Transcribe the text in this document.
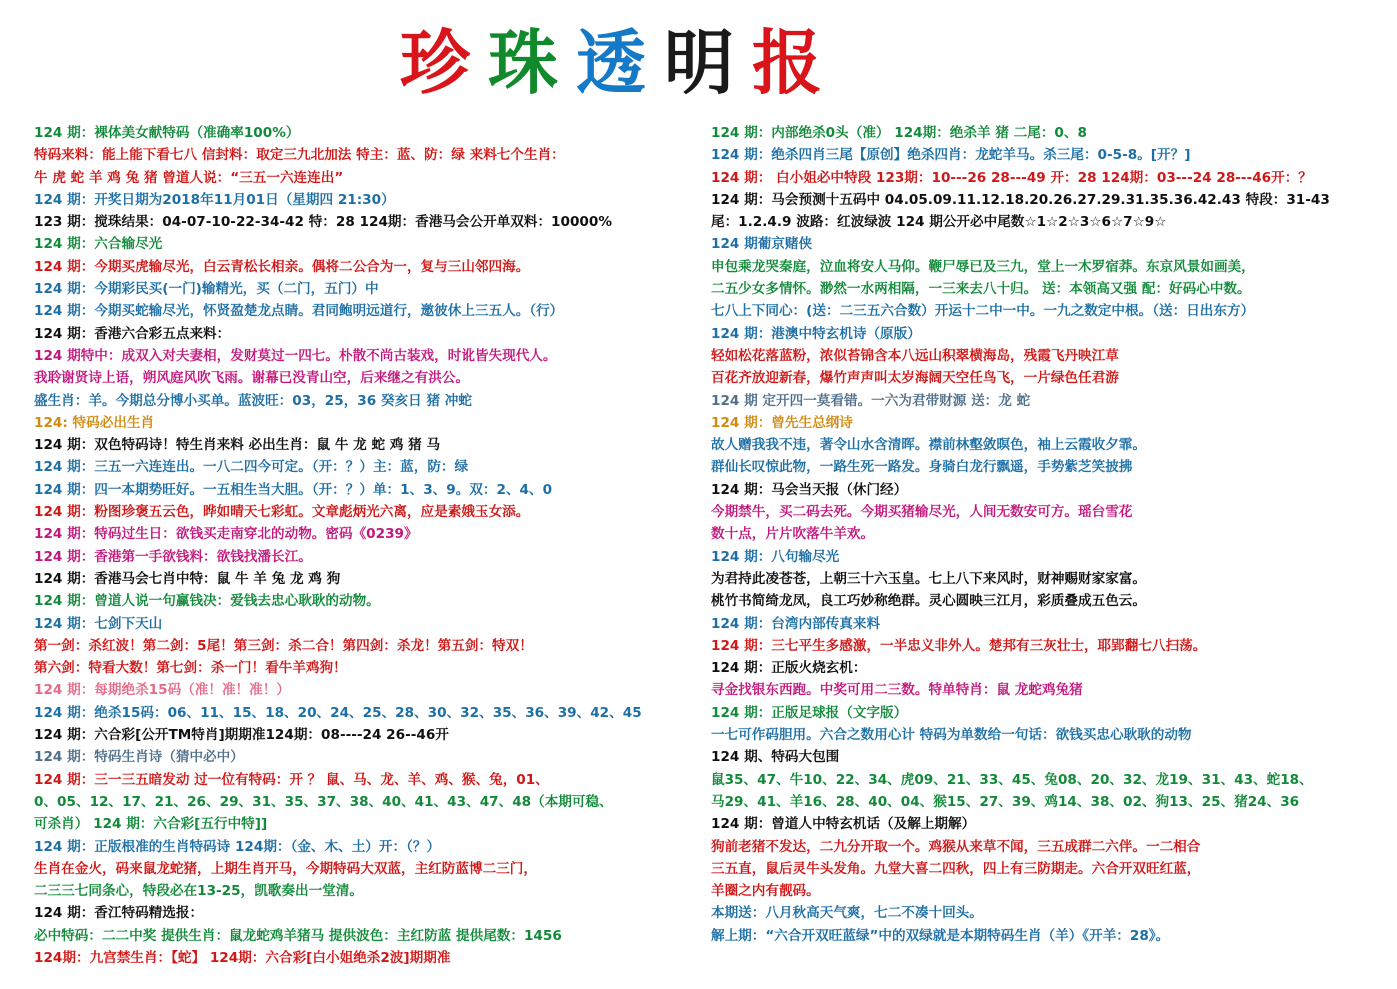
珍珠透明报
124 期：裸体美女献特码（准确率100%）
特码来料：能上能下看七八 信封料：取定三九北加法 特主：蓝、防：绿 来料七个生肖：
牛 虎 蛇 羊 鸡 兔 猪 曾道人说：“三五一六连连出”
124 期：开奖日期为2018年11月01日（星期四 21:30）
123 期：搅珠结果：04-07-10-22-34-42 特：28 124期：香港马会公开单双料：10000%
124 期：六合输尽光
124 期：今期买虎输尽光，白云青松长相亲。偶将二公合为一，复与三山邻四海。
124 期：今期彩民买(一门)输精光，买（二门，五门）中
124 期：今期买蛇输尽光，怀贤盈楚龙点睛。君同鲍明远道行，邀彼休上三五人。（行）
124 期：香港六合彩五点来料：
124 期特中：成双入对夫妻相，发财莫过一四七。朴散不尚古装戏，时讹皆失现代人。
我聆谢贤诗上语，朔风庭风吹飞雨。谢幕已没青山空，后来继之有洪公。
盛生肖：羊。今期总分博小买单。蓝波旺：03，25，36 癸亥日 猪 冲蛇
124: 特码必出生肖
124 期：双色特码诗！特生肖来料 必出生肖：鼠 牛 龙 蛇 鸡 猪 马
124 期：三五一六连连出。一八二四今可定。（开：？）主：蓝，防：绿
124 期：四一本期势旺好。一五相生当大胆。（开：？）单：1、3、9。双：2、4、0
124 期：粉图珍褒五云色，晔如晴天七彩虹。文章彪炳光六离，应是素娥玉女添。
124 期：特码过生日：欲钱买走南穿北的动物。密码《0239》
124 期：香港第一手欲钱料：欲钱找潘长江。
124 期：香港马会七肖中特：鼠 牛 羊 兔 龙 鸡 狗
124 期：曾道人说一句赢钱决：爱钱去忠心耿耿的动物。
124 期：七剑下天山
第一剑：杀红波！第二剑：5尾！第三剑：杀二合！第四剑：杀龙！第五剑：特双！
第六剑：特看大数！第七剑：杀一门！看牛羊鸡狗！
124 期：每期绝杀15码（准！准！准！）
124 期：绝杀15码：06、11、15、18、20、24、25、28、30、32、35、36、39、42、45
124 期：六合彩[公开TM特肖]期期准124期：08----24 26--46开
124 期：特码生肖诗（猜中必中）
124 期：三一三五暗发动 过一位有特码：开 ？ 鼠、马、龙、羊、鸡、猴、兔，01、
0、05、12、17、21、26、29、31、35、37、38、40、41、43、47、48（本期可稳、
可杀肖） 124 期：六合彩[五行中特]]
124 期：正版根准的生肖特码诗 124期：（金、木、土）开：（？）
生肖在金火，码来鼠龙蛇猪，上期生肖开马，今期特码大双蓝，主红防蓝博二三门，
二三三七同条心，特段必在13-25，凯歌奏出一堂清。
124 期：香江特码精选报：
必中特码：二二中奖 提供生肖：鼠龙蛇鸡羊猪马 提供波色：主红防蓝 提供尾数：1456
124期：九宫禁生肖：【蛇】 124期：六合彩[白小姐绝杀2波]期期准
124 期：内部绝杀0头（准） 124期：绝杀羊 猪 二尾：0、8
124 期：绝杀四肖三尾【原创】绝杀四肖：龙蛇羊马。杀三尾：0-5-8。[开？]
124 期： 白小姐必中特段 123期：10---26 28---49 开：28 124期：03---24 28---46开：？
124 期：马会预测十五码中 04.05.09.11.12.18.20.26.27.29.31.35.36.42.43 特段：31-43
尾：1.2.4.9 波路：红波绿波 124 期公开必中尾数☆1☆2☆3☆6☆7☆9☆
124 期葡京赌侠
申包乘龙哭秦庭，泣血将安人马仰。鞭尸辱已及三九，堂上一木罗宿莽。东京风景如画美，
二五少女多情怀。渺然一水两相隔，一三来去八十归。 送：本领高又强 配：好码心中数。
七八上下同心：(送：二三五六合数）开运十二中一中。一九之数定中根。（送：日出东方）
124 期：港澳中特玄机诗（原版）
轻如松花落蓝粉，浓似苔锦含本八远山积翠横海岛，残霞飞丹映江草
百花齐放迎新春，爆竹声声叫太岁海阔天空任鸟飞，一片绿色任君游
124 期 定开四一莫看错。一六为君带财源 送：龙 蛇
124 期：曾先生总纲诗
故人赠我我不违，著令山水含清晖。襟前林壑敛暝色，袖上云霞收夕霏。
群仙长叹惊此物，一路生死一路发。身骑白龙行飘遥，手势紫芝笑披拂
124 期：马会当天报（休门经）
今期禁牛，买二码去死。今期买猪输尽光，人间无数安可方。瑶台雪花
数十点，片片吹落牛羊欢。
124 期：八句输尽光
为君持此凌苍苍，上朝三十六玉皇。七上八下来风时，财神赐财家家富。
桃竹书简绮龙凤，良工巧妙称绝群。灵心圆映三江月，彩质叠成五色云。
124 期：台湾内部传真来料
124 期：三七平生多感激，一半忠义非外人。楚邦有三灰壮士，耶郢翻七八扫荡。
124 期：正版火烧玄机：
寻金找银东西跑。中奖可用二三数。特单特肖：鼠 龙蛇鸡兔猪
124 期：正版足球报（文字版）
一七可作码胆用。六合之数用心计 特码为单数给一句话：欲钱买忠心耿耿的动物
124 期、特码大包围
鼠35、47、牛10、22、34、虎09、21、33、45、兔08、20、32、龙19、31、43、蛇18、
马29、41、羊16、28、40、04、猴15、27、39、鸡14、38、02、狗13、25、猪24、36
124 期：曾道人中特玄机话（及解上期解）
狗前老猪不发达，二九分开取一个。鸡猴从来草不闻，三五成群二六伴。一二相合
三五直，鼠后灵牛头发角。九堂大喜二四秋，四上有三防期走。六合开双旺红蓝，
羊圈之内有靓码。
本期送：八月秋高天气爽，七二不凑十回头。
解上期：“六合开双旺蓝绿”中的双绿就是本期特码生肖（羊）《开羊：28》。
